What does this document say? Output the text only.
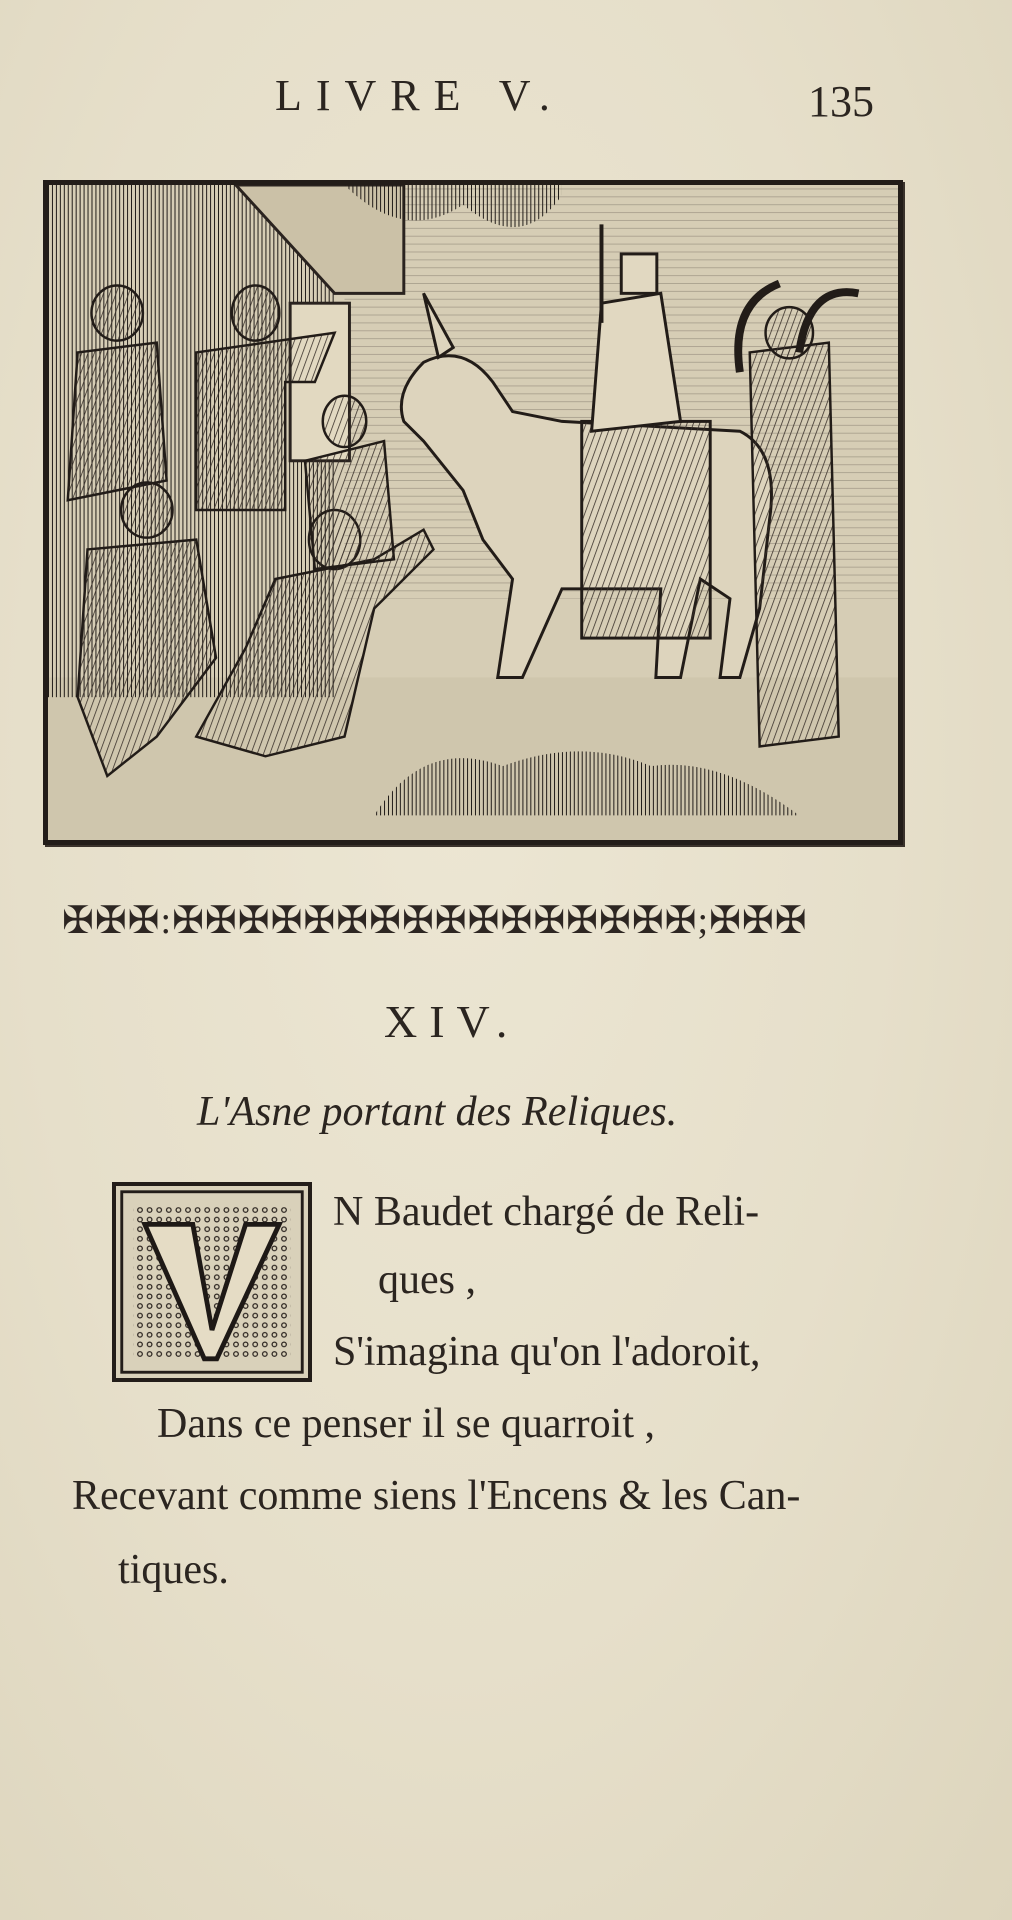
LIVRE V.	135
✠✠✠:✠✠✠✠✠✠✠✠✠✠✠✠✠✠✠✠;✠✠✠
XIV.
L'Asne portant des Reliques.
N Baudet chargé de Reli-
ques ,
S'imagina qu'on l'adoroit,
Dans ce penser il se quarroit ,
Recevant comme siens l'Encens & les Can-
tiques.
